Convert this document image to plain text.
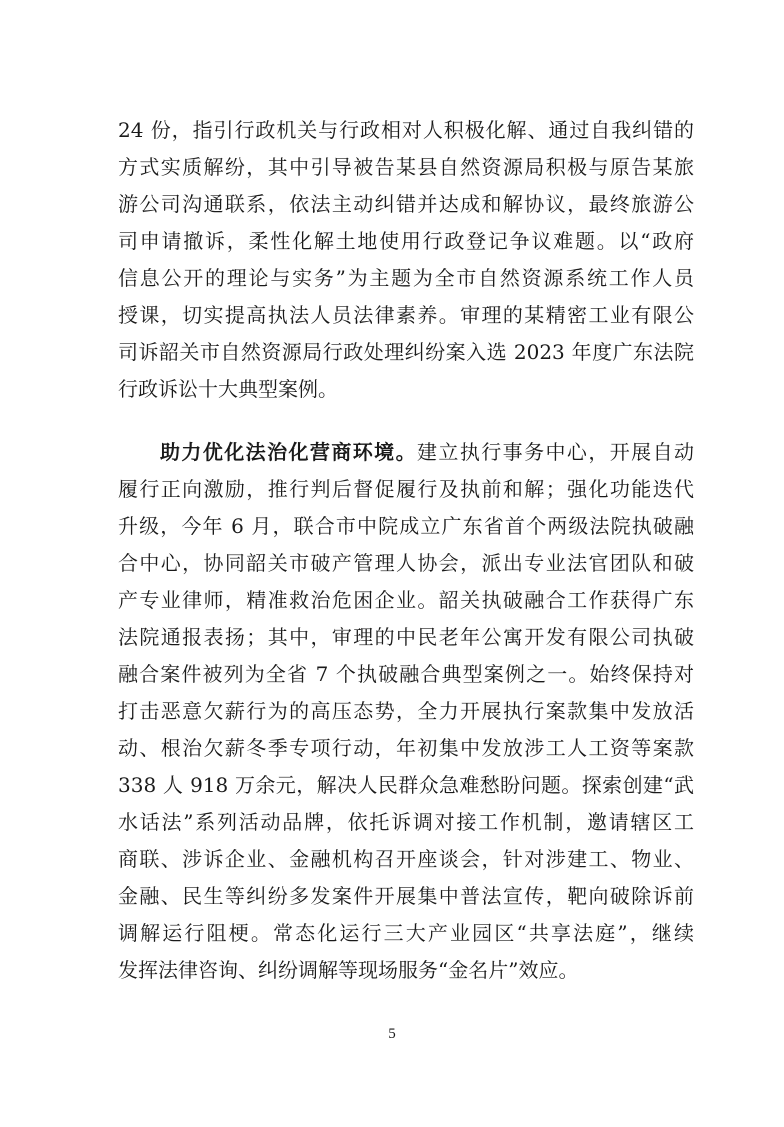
24 份，指引行政机关与行政相对人积极化解、通过自我纠错的
方式实质解纷，其中引导被告某县自然资源局积极与原告某旅
游公司沟通联系，依法主动纠错并达成和解协议，最终旅游公
司申请撤诉，柔性化解土地使用行政登记争议难题。以“政府
信息公开的理论与实务”为主题为全市自然资源系统工作人员
授课，切实提高执法人员法律素养。审理的某精密工业有限公
司诉韶关市自然资源局行政处理纠纷案入选 2023 年度广东法院
行政诉讼十大典型案例。
助力优化法治化营商环境。建立执行事务中心，开展自动
履行正向激励，推行判后督促履行及执前和解；强化功能迭代
升级，今年 6 月，联合市中院成立广东省首个两级法院执破融
合中心，协同韶关市破产管理人协会，派出专业法官团队和破
产专业律师，精准救治危困企业。韶关执破融合工作获得广东
法院通报表扬；其中，审理的中民老年公寓开发有限公司执破
融合案件被列为全省 7 个执破融合典型案例之一。始终保持对
打击恶意欠薪行为的高压态势，全力开展执行案款集中发放活
动、根治欠薪冬季专项行动，年初集中发放涉工人工资等案款
338 人 918 万余元，解决人民群众急难愁盼问题。探索创建“武
水话法”系列活动品牌，依托诉调对接工作机制，邀请辖区工
商联、涉诉企业、金融机构召开座谈会，针对涉建工、物业、
金融、民生等纠纷多发案件开展集中普法宣传，靶向破除诉前
调解运行阻梗。常态化运行三大产业园区“共享法庭”，继续
发挥法律咨询、纠纷调解等现场服务“金名片”效应。
5
